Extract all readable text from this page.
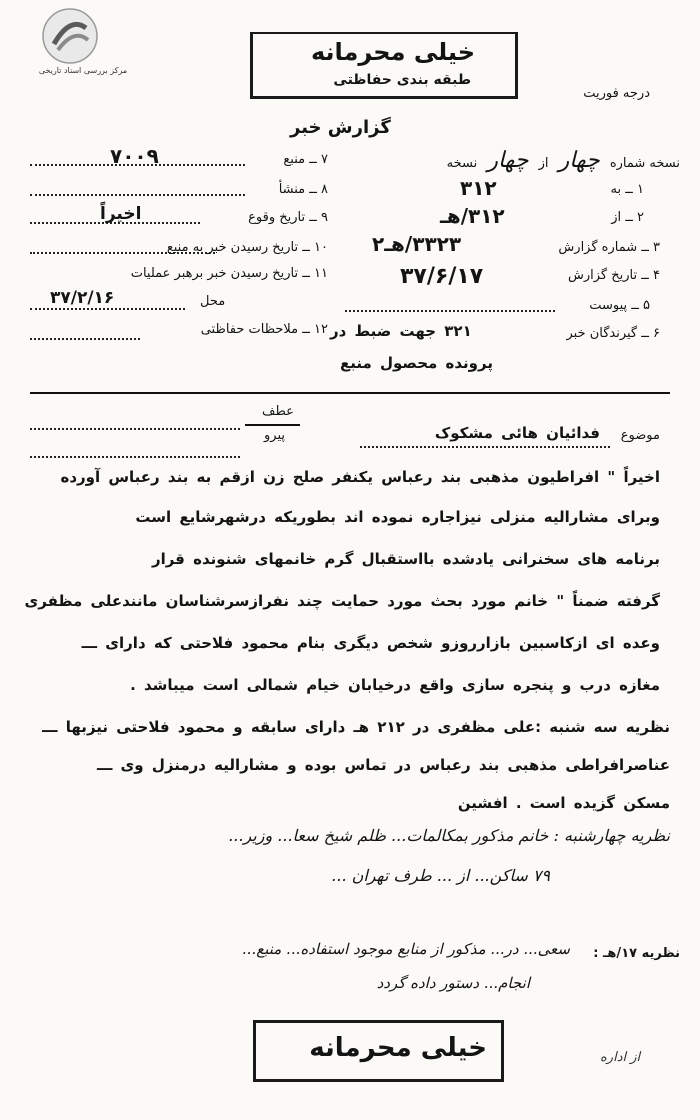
مرکز بررسی اسناد تاریخی
خیلی محرمانه
طبقه بندی حفاظتی
درجه فوریت
گزارش خبر
نسخه شماره چهار از چهار نسخه
۱ ــ به
۳۱۲
۲ ــ از
۳۱۲/هـ
۳ ــ شماره گزارش
۳۳۲۳/هـ۲
۴ ــ تاریخ گزارش
۳۷/۶/۱۷
۵ ــ پیوست
۶ ــ گیرندگان خبر
۳۲۱ جهت ضبط در
پرونده محصول منبع
۷ ــ منبع
۷۰۰۹
۸ ــ منشأ
۹ ــ تاریخ وقوع
اخیراً
۱۰ ــ تاریخ رسیدن خبر به منبع
۱۱ ــ تاریخ رسیدن خبر برهبر عملیات
محل
۳۷/۲/۱۶
۱۲ ــ ملاحظات حفاظتی
عطف
پیرو	موضوع
فدائیان هائی مشکوک
اخیراً " افراطیون مذهبی بند رعباس یکنفر صلح زن ازقم به بند رعباس آورده
وبرای مشارالیه منزلی نیزاجاره نموده اند بطوریکه درشهرشایع است
برنامه های سخنرانی یادشده بااستقبال گرم خانمهای شنونده قرار
گرفته ضمناً " خانم مورد بحث مورد حمایت چند نفرازسرشناسان مانندعلی مظفری
وعده ای ازکاسبین بازارروزو شخص دیگری بنام محمود فلاحتی که دارای ـــ
مغازه درب و پنجره سازی واقع درخیابان خیام شمالی است میباشد .
نظریه سه شنبه :علی مظفری در ۲۱۲ هـ دارای سابقه و محمود فلاحتی نیزبها ـــ
عناصرافراطی مذهبی بند رعباس در تماس بوده و مشارالیه درمنزل وی ـــ
مسکن گزیده است . افشین
نظریه چهارشنبه : خانم مذکور بمکالمات... ظلم شیخ سعا... وزیر...
۷۹ ساکن... از ... طرف تهران ...
نظریه ۱۷/هـ :
سعی... در... مذکور از منابع موجود استفاده... منبع...
انجام... دستور داده گردد
خیلی محرمانه	از اداره
